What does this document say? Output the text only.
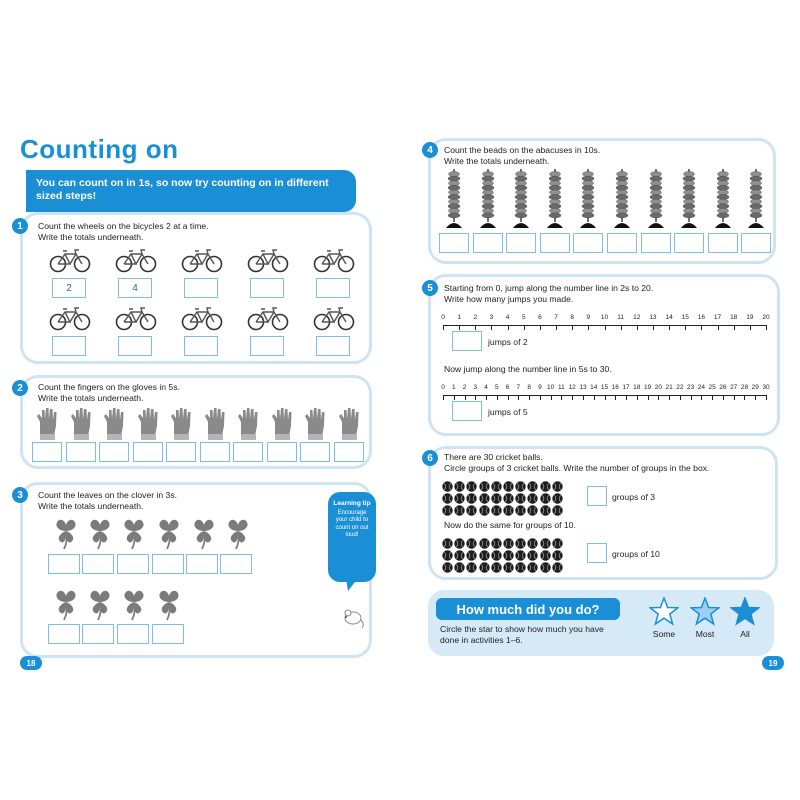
Counting on
You can count on in 1s, so now try counting on in different sized steps!
1	Count the wheels on the bicycles 2 at a time.
Write the totals underneath.
2	4
2	Count the fingers on the gloves in 5s.
Write the totals underneath.
3	Count the leaves on the clover in 3s.
Write the totals underneath.	Learning tip
Encourage your child to count on out loud!
18
4	Count the beads on the abacuses in 10s.
Write the totals underneath.
5	Starting from 0, jump along the number line in 2s to 20.
Write how many jumps you made.
0	1	2	3	4	5	6	7	8	9	10	11	12	13	14	15	16	17	18	19	20
jumps of 2
Now jump along the number line in 5s to 30.
0	1	2	3	4	5	6	7	8	9 10 11 12 13 14 15 16 17 18 19 20 21 22 23 24 25 26 27 28 29 30
jumps of 5
6	There are 30 cricket balls.
Circle groups of 3 cricket balls. Write the number of groups in the box.
groups of 3
Now do the same for groups of 10.
groups of 10
How much did you do?
Circle the star to show how much you have
done in activities 1–6.
Some	Most	All
19
